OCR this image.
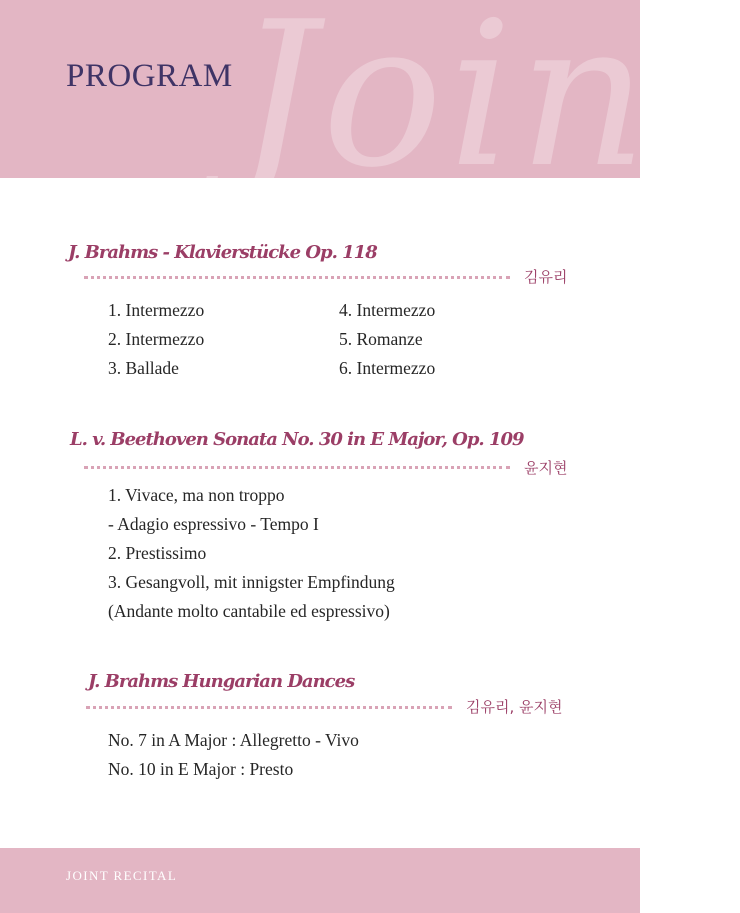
Joint
PROGRAM
J. Brahms - Klavierstücke Op. 118
김유리
1. Intermezzo
2. Intermezzo
3. Ballade
4. Intermezzo
5. Romanze
6. Intermezzo
L. v. Beethoven Sonata No. 30 in E Major, Op. 109
윤지현
1. Vivace, ma non troppo
- Adagio espressivo - Tempo I
2. Prestissimo
3. Gesangvoll, mit innigster Empfindung
(Andante molto cantabile ed espressivo)
J. Brahms Hungarian Dances
김유리, 윤지현
No. 7 in A Major : Allegretto - Vivo
No. 10 in E Major : Presto
JOINT RECITAL
